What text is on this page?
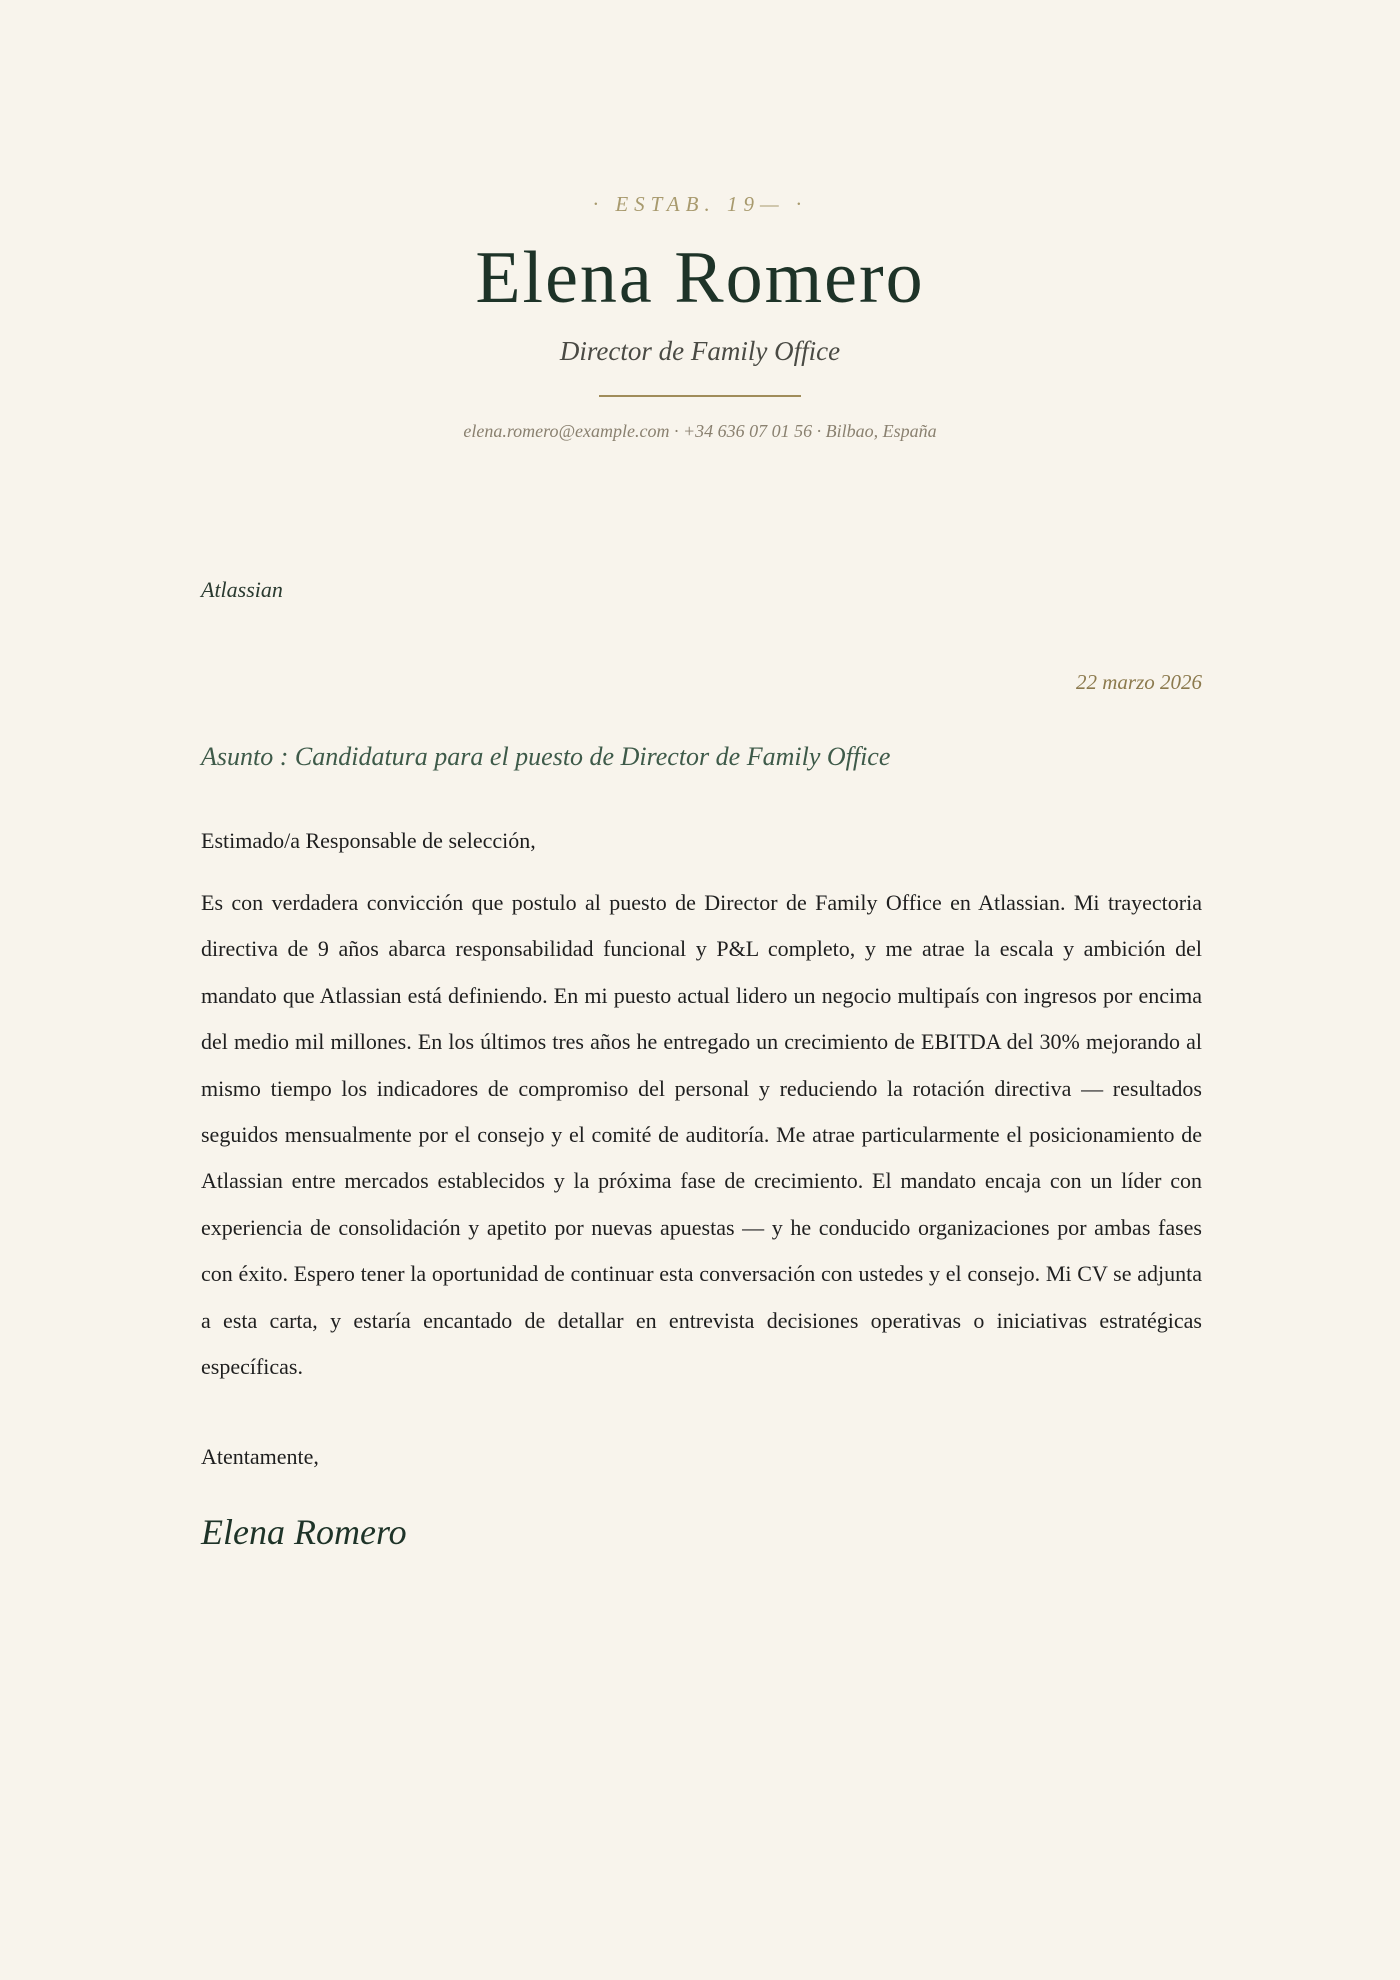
· ESTAB. 19— ·
Elena Romero
Director de Family Office
elena.romero@example.com · +34 636 07 01 56 · Bilbao, España
Atlassian
22 marzo 2026
Asunto : Candidatura para el puesto de Director de Family Office
Estimado/a Responsable de selección,
Es con verdadera convicción que postulo al puesto de Director de Family Office en Atlassian. Mi trayectoria directiva de 9 años abarca responsabilidad funcional y P&L completo, y me atrae la escala y ambición del mandato que Atlassian está definiendo. En mi puesto actual lidero un negocio multipaís con ingresos por encima del medio mil millones. En los últimos tres años he entregado un crecimiento de EBITDA del 30% mejorando al mismo tiempo los indicadores de compromiso del personal y reduciendo la rotación directiva — resultados seguidos mensualmente por el consejo y el comité de auditoría. Me atrae particularmente el posicionamiento de Atlassian entre mercados establecidos y la próxima fase de crecimiento. El mandato encaja con un líder con experiencia de consolidación y apetito por nuevas apuestas — y he conducido organizaciones por ambas fases con éxito. Espero tener la oportunidad de continuar esta conversación con ustedes y el consejo. Mi CV se adjunta a esta carta, y estaría encantado de detallar en entrevista decisiones operativas o iniciativas estratégicas específicas.
Atentamente,
Elena Romero
